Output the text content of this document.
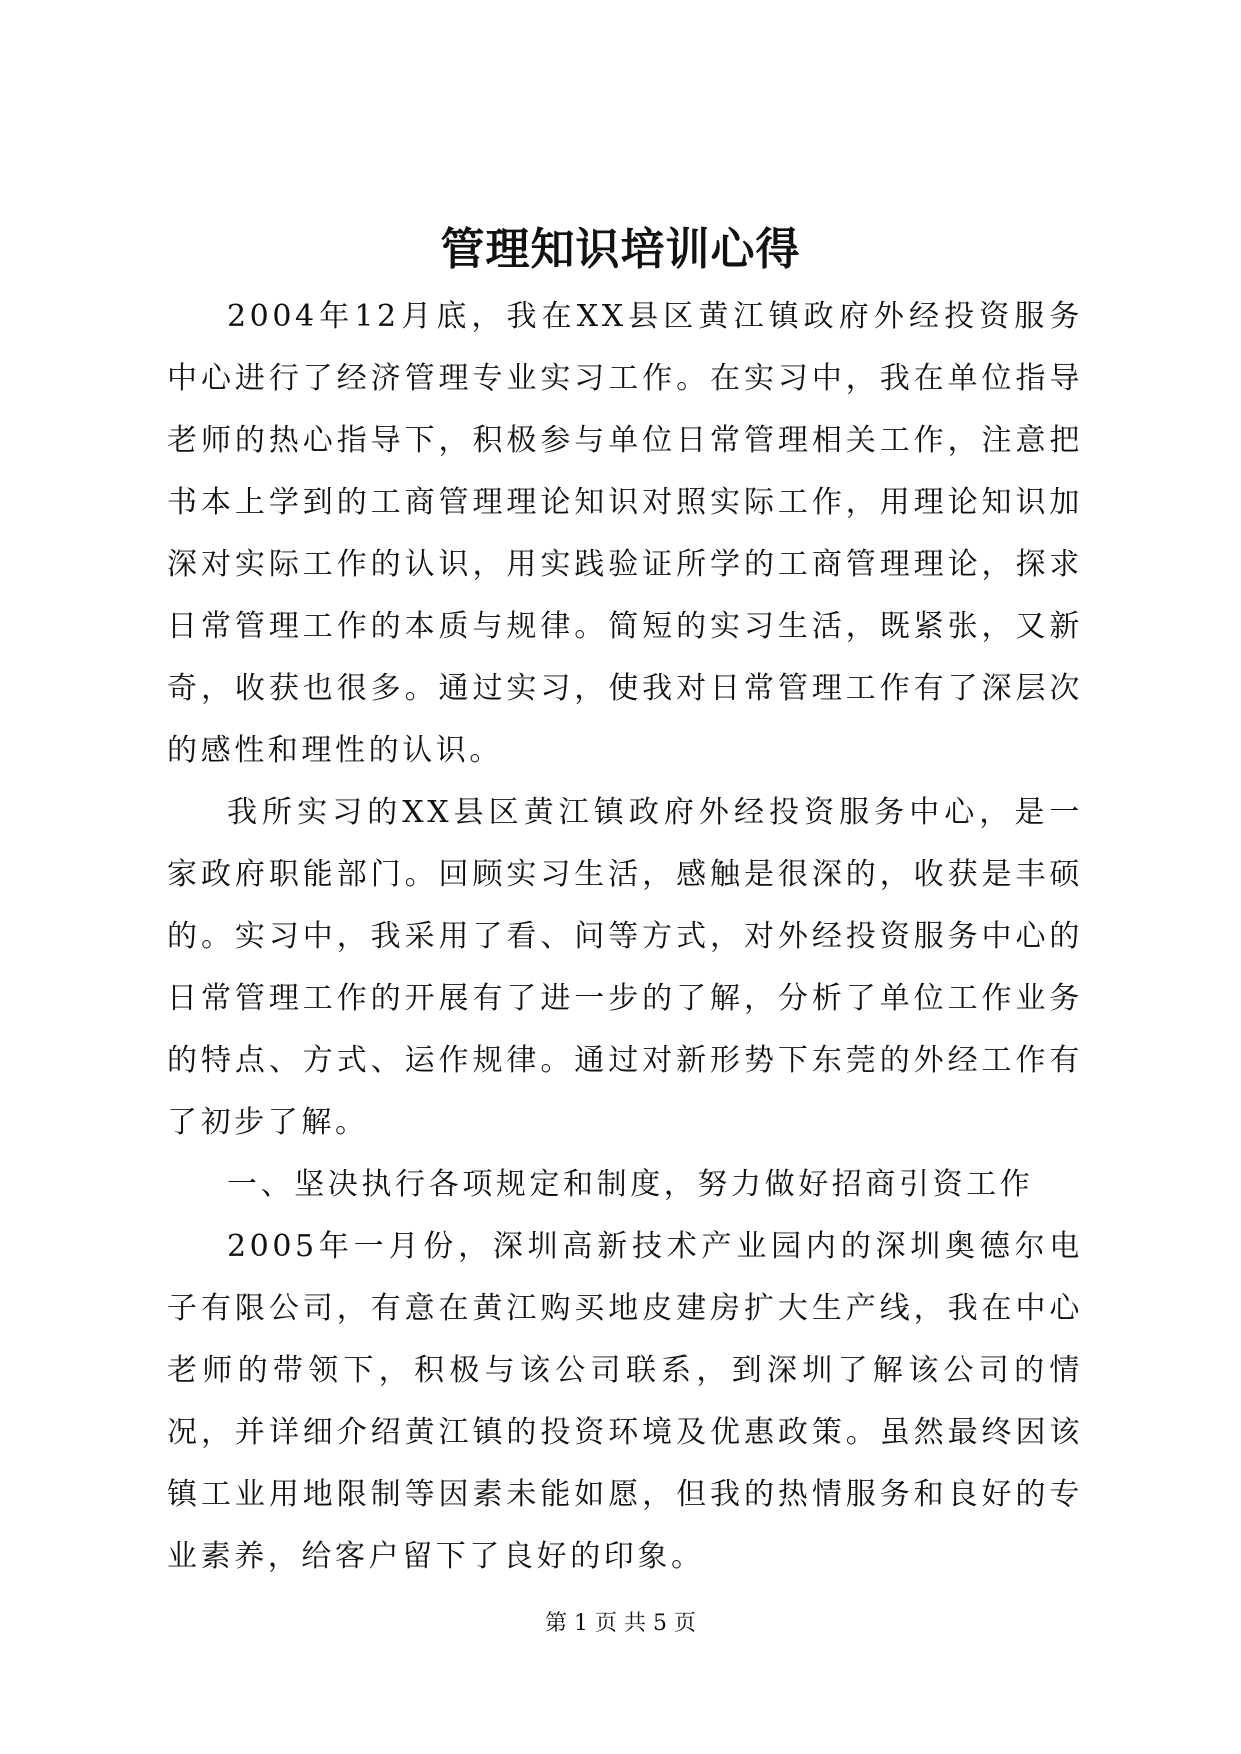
管理知识培训心得

2004年12月底，我在XX县区黄江镇政府外经投资服务中心进行了经济管理专业实习工作。在实习中，我在单位指导老师的热心指导下，积极参与单位日常管理相关工作，注意把书本上学到的工商管理理论知识对照实际工作，用理论知识加深对实际工作的认识，用实践验证所学的工商管理理论，探求日常管理工作的本质与规律。简短的实习生活，既紧张，又新奇，收获也很多。通过实习，使我对日常管理工作有了深层次的感性和理性的认识。

我所实习的XX县区黄江镇政府外经投资服务中心，是一家政府职能部门。回顾实习生活，感触是很深的，收获是丰硕的。实习中，我采用了看、问等方式，对外经投资服务中心的日常管理工作的开展有了进一步的了解，分析了单位工作业务的特点、方式、运作规律。通过对新形势下东莞的外经工作有了初步了解。

一、坚决执行各项规定和制度，努力做好招商引资工作

2005年一月份，深圳高新技术产业园内的深圳奥德尔电子有限公司，有意在黄江购买地皮建房扩大生产线，我在中心老师的带领下，积极与该公司联系，到深圳了解该公司的情况，并详细介绍黄江镇的投资环境及优惠政策。虽然最终因该镇工业用地限制等因素未能如愿，但我的热情服务和良好的专业素养，给客户留下了良好的印象。

第 1 页 共 5 页
